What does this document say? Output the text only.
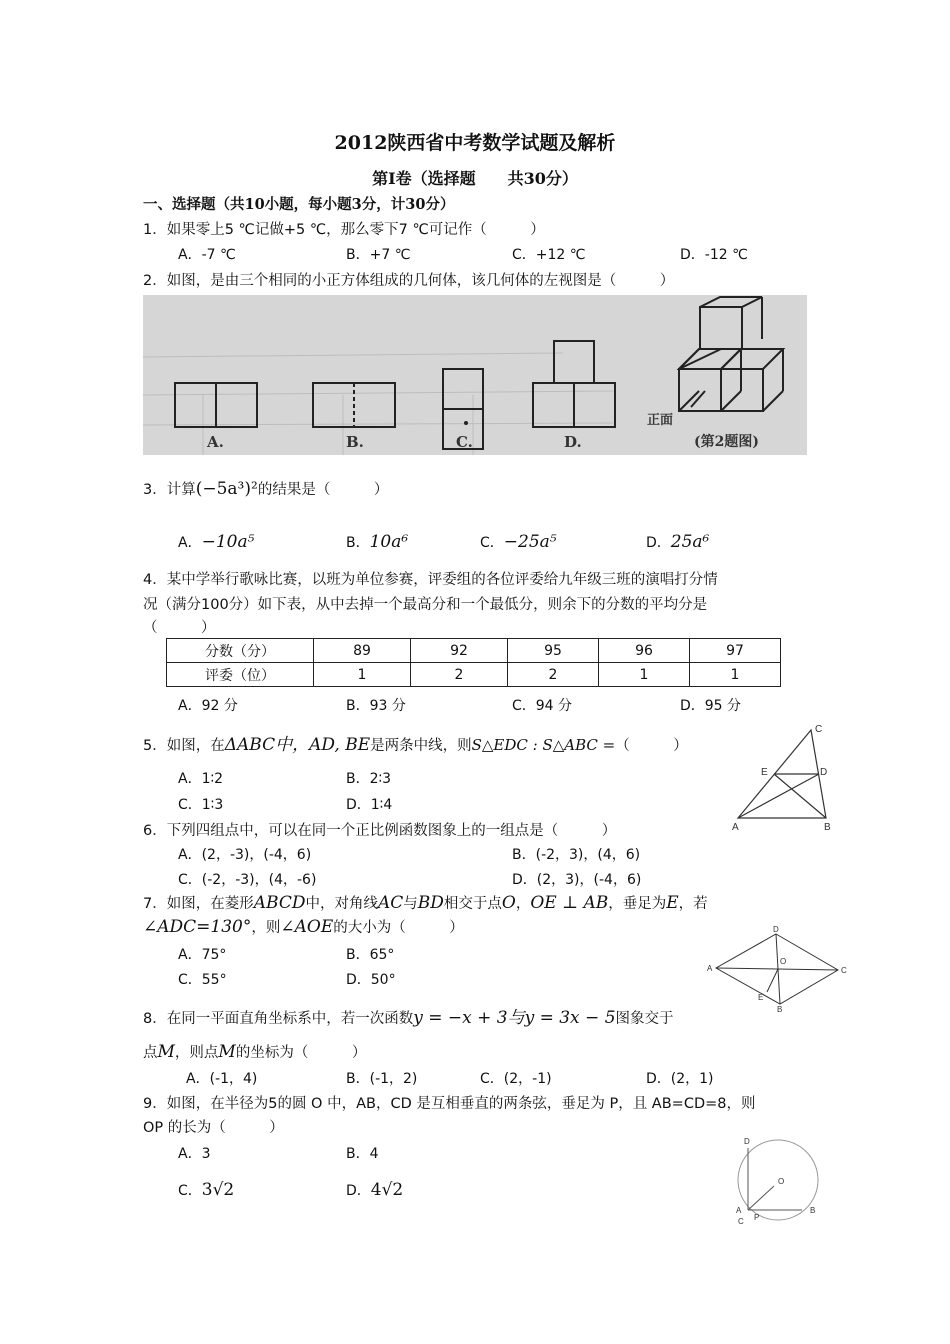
2012陕西省中考数学试题及解析
第I卷（选择题　　共30分）
一、选择题（共10小题，每小题3分，计30分）
1．如果零上5 ℃记做+5 ℃，那么零下7 ℃可记作（　　　）
A．-7 ℃	B．+7 ℃	C．+12 ℃	D．-12 ℃
2．如图，是由三个相同的小正方体组成的几何体，该几何体的左视图是（　　　）
A.	B.	C.	D.
正面
(第2题图)
3．计算(−5a³)²的结果是（　　　）
A．−10a⁵	B．10a⁶	C．−25a⁵	D．25a⁶
4．某中学举行歌咏比赛，以班为单位参赛，评委组的各位评委给九年级三班的演唱打分情
况（满分100分）如下表，从中去掉一个最高分和一个最低分，则余下的分数的平均分是
（　　　）
分数（分）	89	92	95	96	97
评委（位）	1	2	2	1	1
A．92 分	B．93 分	C．94 分	D．95 分
5．如图，在ΔABC中，AD, BE是两条中线，则S△EDC : S△ABC =（　　　）
A．1∶2	B．2∶3
C．1∶3	D．1∶4
C
E	D
A	B
6．下列四组点中，可以在同一个正比例函数图象上的一组点是（　　　）
A．(2，-3)，(-4，6)	B．(-2，3)，(4，6)
C．(-2，-3)，(4，-6)	D．(2，3)，(-4，6)
7．如图，在菱形ABCD中，对角线AC与BD相交于点O，OE ⊥ AB，垂足为E，若
∠ADC=130°，则∠AOE的大小为（　　　）
A．75°	B．65°
C．55°	D．50°
D
A
O
C
E
B
8．在同一平面直角坐标系中，若一次函数y = −x + 3与y = 3x − 5图象交于
点M，则点M的坐标为（　　　）
A．(-1，4)	B．(-1，2)	C．(2，-1)	D．(2，1)
9．如图，在半径为5的圆 O 中，AB，CD 是互相垂直的两条弦，垂足为 P，且 AB=CD=8，则
OP 的长为（　　　）
A．3	B．4
C．3√2	D．4√2
D
O
A
P
C
B
